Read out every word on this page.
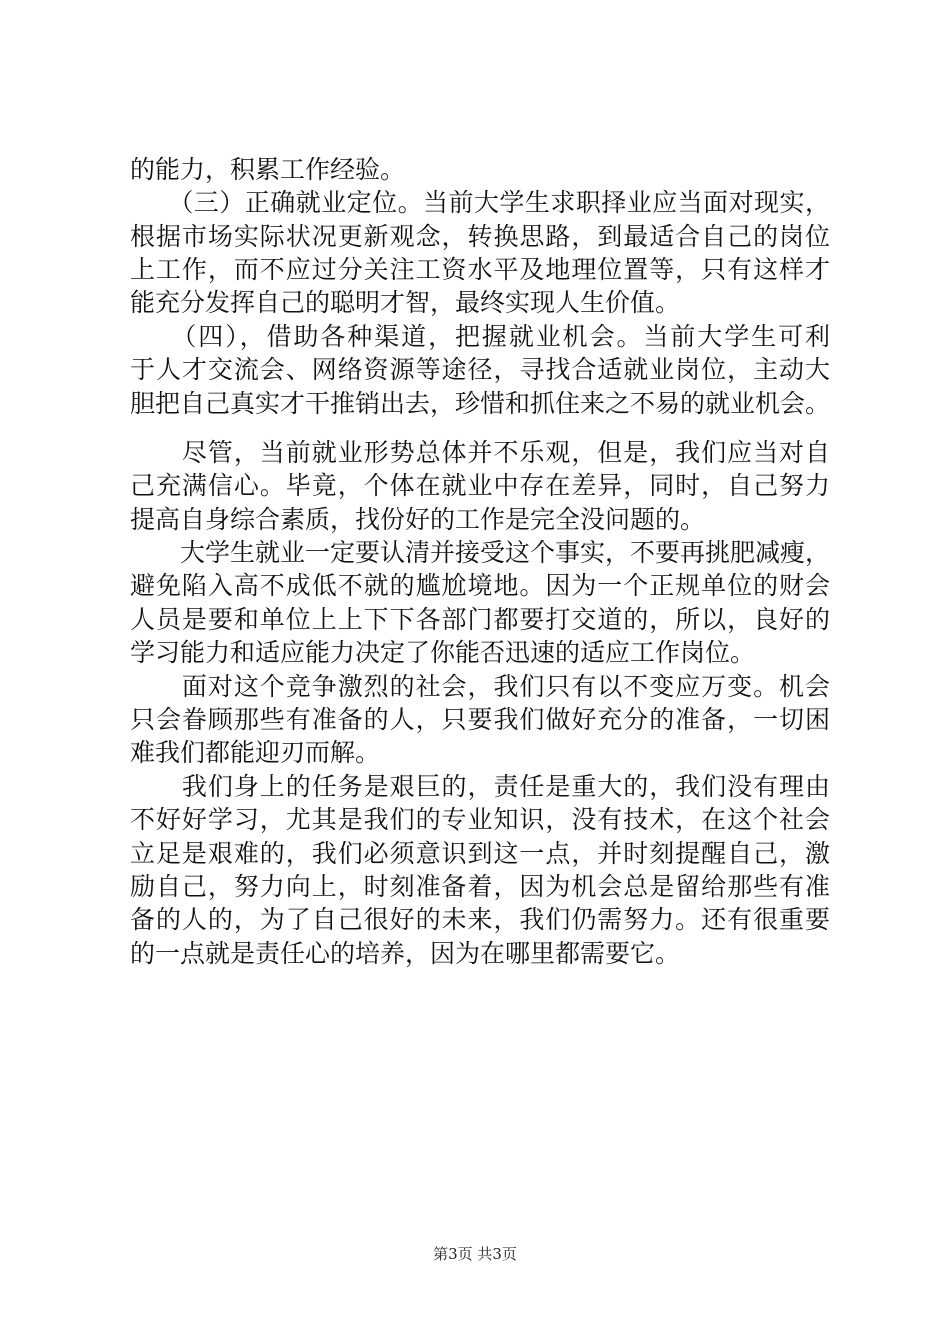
的能力，积累工作经验。
　　（三）正确就业定位。当前大学生求职择业应当面对现实，
根据市场实际状况更新观念，转换思路，到最适合自己的岗位
上工作，而不应过分关注工资水平及地理位置等，只有这样才
能充分发挥自己的聪明才智，最终实现人生价值。
　　（四），借助各种渠道，把握就业机会。当前大学生可利
于人才交流会、网络资源等途径，寻找合适就业岗位，主动大
胆把自己真实才干推销出去，珍惜和抓住来之不易的就业机会。
　　尽管，当前就业形势总体并不乐观，但是，我们应当对自
己充满信心。毕竟，个体在就业中存在差异，同时，自己努力
提高自身综合素质，找份好的工作是完全没问题的。
　　大学生就业一定要认清并接受这个事实，不要再挑肥减瘦，
避免陷入高不成低不就的尴尬境地。因为一个正规单位的财会
人员是要和单位上上下下各部门都要打交道的，所以，良好的
学习能力和适应能力决定了你能否迅速的适应工作岗位。
　　面对这个竞争激烈的社会，我们只有以不变应万变。机会
只会眷顾那些有准备的人，只要我们做好充分的准备，一切困
难我们都能迎刃而解。
　　我们身上的任务是艰巨的，责任是重大的，我们没有理由
不好好学习，尤其是我们的专业知识，没有技术，在这个社会
立足是艰难的，我们必须意识到这一点，并时刻提醒自己，激
励自己，努力向上，时刻准备着，因为机会总是留给那些有准
备的人的，为了自己很好的未来，我们仍需努力。还有很重要
的一点就是责任心的培养，因为在哪里都需要它。
第3页 共3页
